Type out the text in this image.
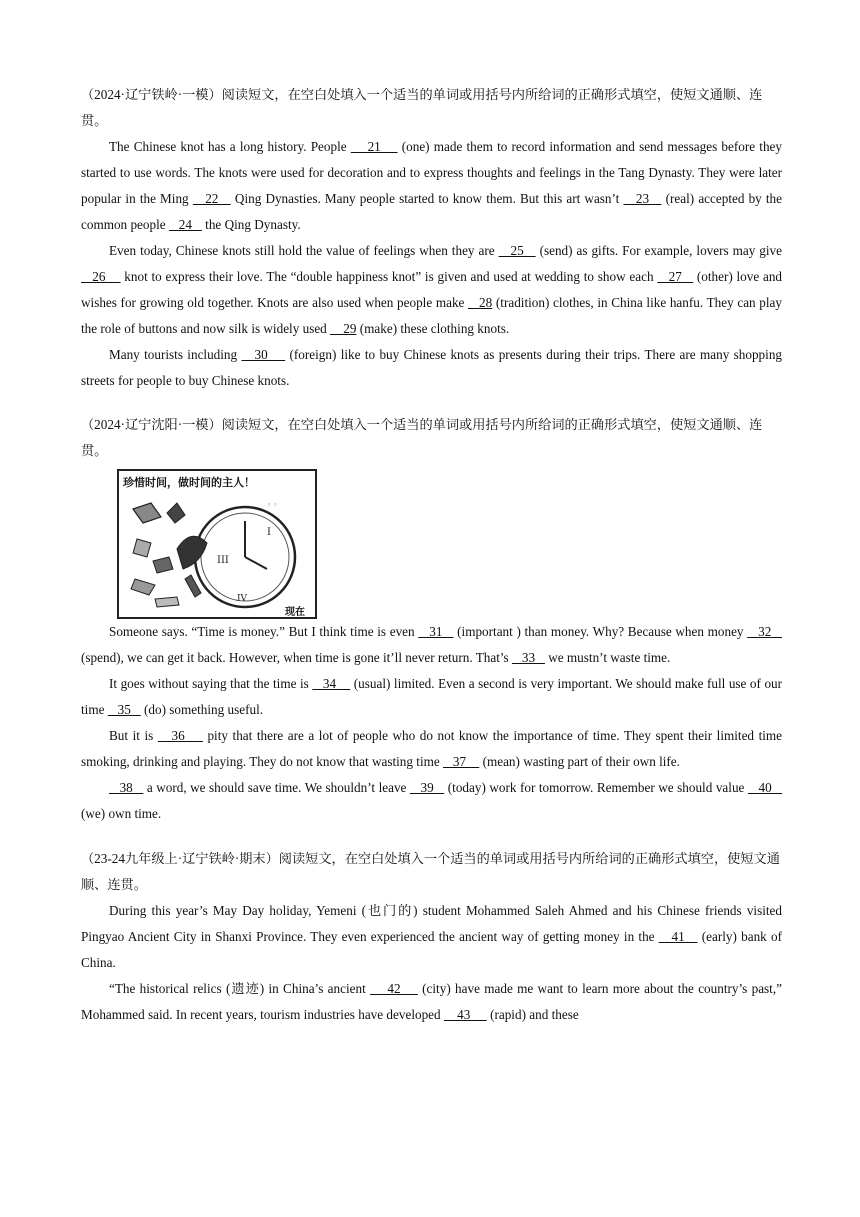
（2024·辽宁铁岭·一模）阅读短文，在空白处填入一个适当的单词或用括号内所给词的正确形式填空，使短文通顺、连贯。

The Chinese knot has a long history. People     21     (one) made them to record information and send messages before they started to use words. The knots were used for decoration and to express thoughts and feelings in the Tang Dynasty. They were later popular in the Ming    22    Qing Dynasties. Many people started to know them. But this art wasn’t    23    (real) accepted by the common people    24    the Qing Dynasty.

Even today, Chinese knots still hold the value of feelings when they are    25    (send) as gifts. For example, lovers may give    26     knot to express their love. The “double happiness knot” is given and used at wedding to show each    27    (other) love and wishes for growing old together. Knots are also used when people make    28 (tradition) clothes, in China like hanfu. They can play the role of buttons and now silk is widely used     29 (make) these clothing knots.

Many tourists including    30     (foreign) like to buy Chinese knots as presents during their trips. There are many shopping streets for people to buy Chinese knots.

（2024·辽宁沈阳·一模）阅读短文，在空白处填入一个适当的单词或用括号内所给词的正确形式填空，使短文通顺、连贯。

珍惜时间，做时间的主人！
I
III
IV
◦ ◦
现在

Someone says. “Time is money.” But I think time is even    31    (important ) than money. Why? Because when money    32    (spend), we can get it back. However, when time is gone it’ll never return. That’s    33    we mustn’t waste time.

It goes without saying that the time is    34     (usual) limited. Even a second is very important. We should make full use of our time    35    (do) something useful.

But it is    36     pity that there are a lot of people who do not know the importance of time. They spent their limited time smoking, drinking and playing. They do not know that wasting time    37     (mean) wasting part of their own life.

38    a word, we should save time. We shouldn’t leave    39    (today) work for tomorrow. Remember we should value    40    (we) own time.

（23-24九年级上·辽宁铁岭·期末）阅读短文，在空白处填入一个适当的单词或用括号内所给词的正确形式填空，使短文通顺、连贯。

During this year’s May Day holiday, Yemeni (也门的) student Mohammed Saleh Ahmed and his Chinese friends visited Pingyao Ancient City in Shanxi Province. They even experienced the ancient way of getting money in the    41    (early) bank of China.

“The historical relics (遗迹) in China’s ancient     42     (city) have made me want to learn more about the country’s past,” Mohammed said. In recent years, tourism industries have developed     43      (rapid) and these
